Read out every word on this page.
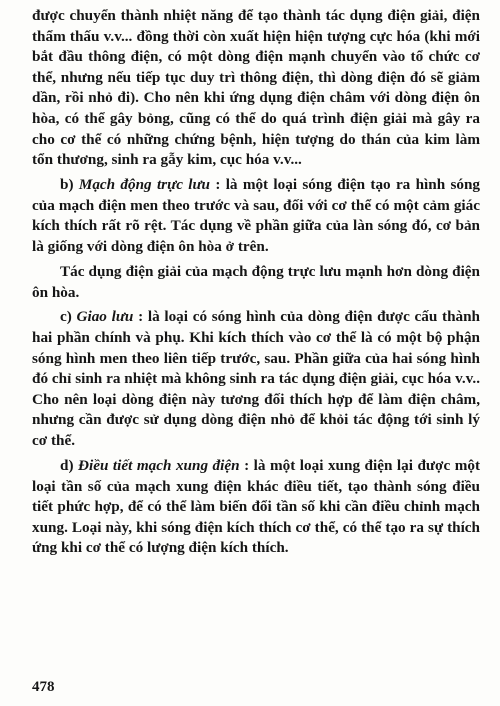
được chuyển thành nhiệt năng để tạo thành tác dụng điện giải, điện thẩm thấu v.v... đồng thời còn xuất hiện hiện tượng cực hóa (khi mới bắt đầu thông điện, có một dòng điện mạnh chuyển vào tổ chức cơ thể, nhưng nếu tiếp tục duy trì thông điện, thì dòng điện đó sẽ giảm dần, rồi nhỏ đi). Cho nên khi ứng dụng điện châm với dòng điện ôn hòa, có thể gây bỏng, cũng có thể do quá trình điện giải mà gây ra cho cơ thể có những chứng bệnh, hiện tượng do thán của kim làm tổn thương, sinh ra gẫy kim, cục hóa v.v...

b) Mạch động trực lưu : là một loại sóng điện tạo ra hình sóng của mạch điện men theo trước và sau, đối với cơ thể có một cảm giác kích thích rất rõ rệt. Tác dụng về phần giữa của làn sóng đó, cơ bản là giống với dòng điện ôn hòa ở trên.

Tác dụng điện giải của mạch động trực lưu mạnh hơn dòng điện ôn hòa.

c) Giao lưu : là loại có sóng hình của dòng điện được cấu thành hai phần chính và phụ. Khi kích thích vào cơ thể là có một bộ phận sóng hình men theo liên tiếp trước, sau. Phần giữa của hai sóng hình đó chỉ sinh ra nhiệt mà không sinh ra tác dụng điện giải, cục hóa v.v.. Cho nên loại dòng điện này tương đối thích hợp để làm điện châm, nhưng cần được sử dụng dòng điện nhỏ để khỏi tác động tới sinh lý cơ thể.

d) Điều tiết mạch xung điện : là một loại xung điện lại được một loại tần số của mạch xung điện khác điều tiết, tạo thành sóng điều tiết phức hợp, để có thể làm biến đổi tần số khi cần điều chỉnh mạch xung. Loại này, khi sóng điện kích thích cơ thể, có thể tạo ra sự thích ứng khi cơ thể có lượng điện kích thích.

478
